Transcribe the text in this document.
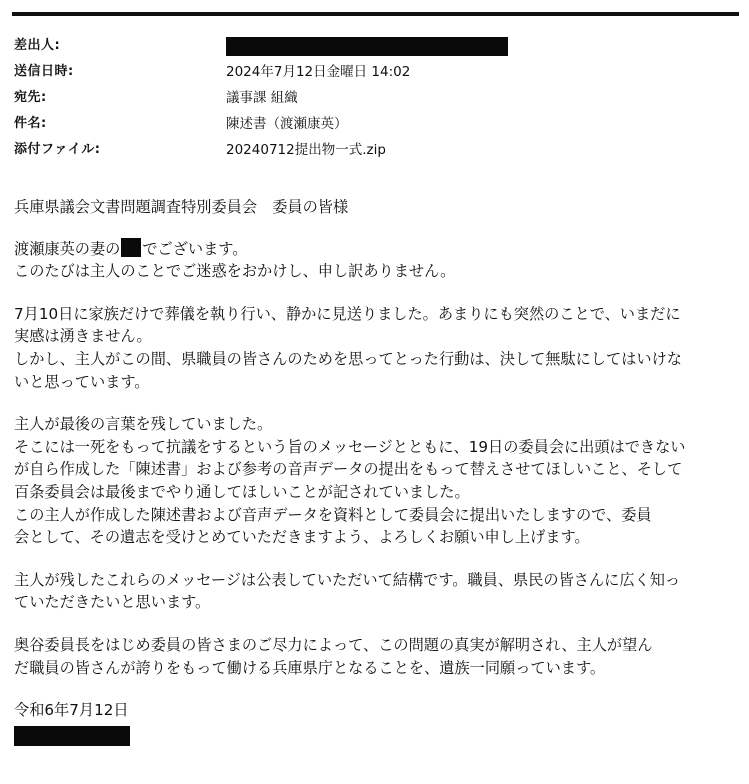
差出人:
送信日時:	2024年7月12日金曜日 14:02
宛先:	議事課 組織
件名:	陳述書（渡瀬康英）
添付ファイル:	20240712提出物一式.zip

兵庫県議会文書問題調査特別委員会　委員の皆様

渡瀬康英の妻の でございます。
このたびは主人のことでご迷惑をおかけし、申し訳ありません。

7月10日に家族だけで葬儀を執り行い、静かに見送りました。あまりにも突然のことで、いまだに
実感は湧きません。
しかし、主人がこの間、県職員の皆さんのためを思ってとった行動は、決して無駄にしてはいけな
いと思っています。

主人が最後の言葉を残していました。
そこには一死をもって抗議をするという旨のメッセージとともに、19日の委員会に出頭はできない
が自ら作成した「陳述書」および参考の音声データの提出をもって替えさせてほしいこと、そして
百条委員会は最後までやり通してほしいことが記されていました。
この主人が作成した陳述書および音声データを資料として委員会に提出いたしますので、委員
会として、その遺志を受けとめていただきますよう、よろしくお願い申し上げます。

主人が残したこれらのメッセージは公表していただいて結構です。職員、県民の皆さんに広く知っ
ていただきたいと思います。

奥谷委員長をはじめ委員の皆さまのご尽力によって、この問題の真実が解明され、主人が望ん
だ職員の皆さんが誇りをもって働ける兵庫県庁となることを、遺族一同願っています。

令和6年7月12日
